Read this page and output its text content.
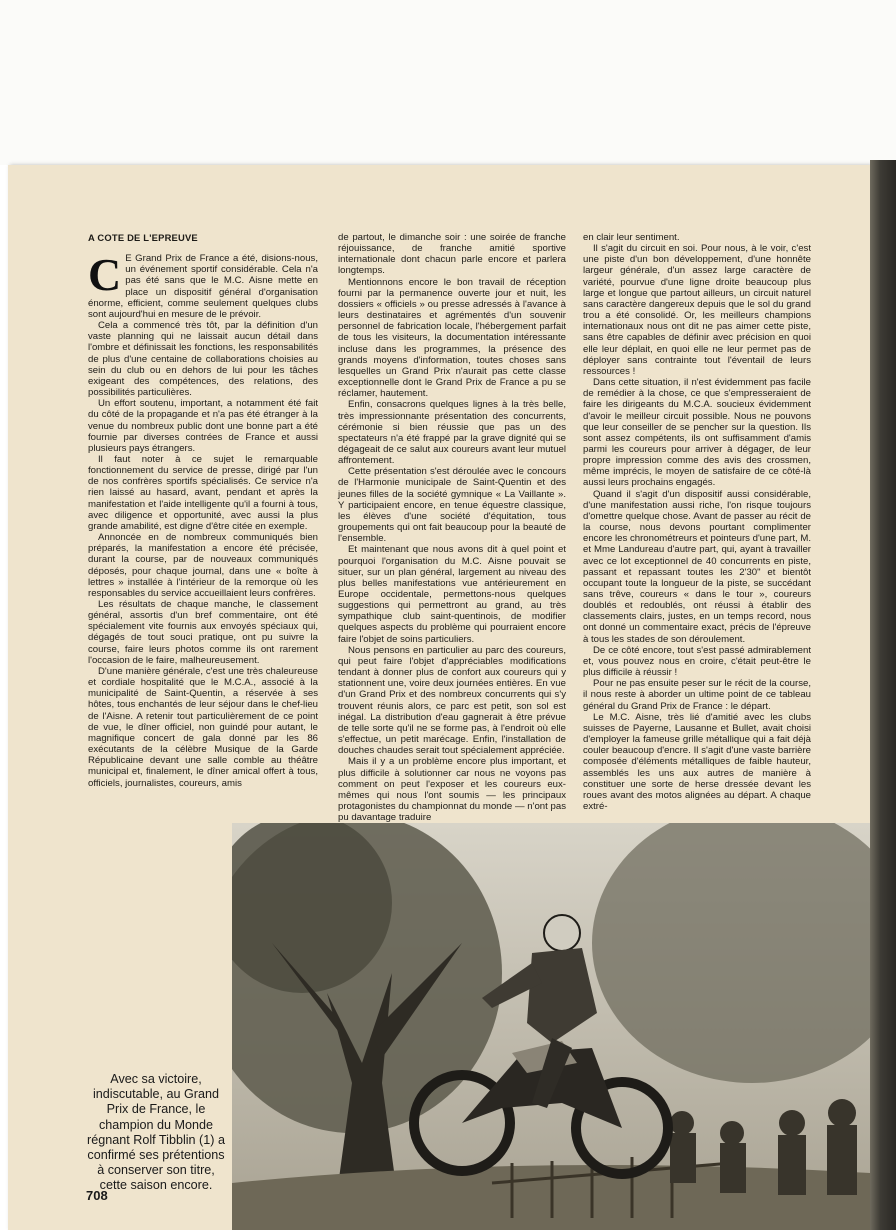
A COTE DE L'EPREUVE
C E Grand Prix de France a été, disions-nous, un événement sportif considérable. Cela n'a pas été sans que le M.C. Aisne mette en place un dispositif général d'organisation énorme, efficient, comme seulement quelques clubs sont aujourd'hui en mesure de le prévoir.

Cela a commencé très tôt, par la définition d'un vaste planning qui ne laissait aucun détail dans l'ombre et définissait les fonctions, les responsabilités de plus d'une centaine de collaborations choisies au sein du club ou en dehors de lui pour les tâches exigeant des compétences, des relations, des possibilités particulières.

Un effort soutenu, important, a notamment été fait du côté de la propagande et n'a pas été étranger à la venue du nombreux public dont une bonne part a été fournie par diverses contrées de France et aussi plusieurs pays étrangers.

Il faut noter à ce sujet le remarquable fonctionnement du service de presse, dirigé par l'un de nos confrères sportifs spécialisés. Ce service n'a rien laissé au hasard, avant, pendant et après la manifestation et l'aide intelligente qu'il a fourni à tous, avec diligence et opportunité, avec aussi la plus grande amabilité, est digne d'être citée en exemple.

Annoncée en de nombreux communiqués bien préparés, la manifestation a encore été précisée, durant la course, par de nouveaux communiqués déposés, pour chaque journal, dans une « boîte à lettres » installée à l'intérieur de la remorque où les responsables du service accueillaient leurs confrères.

Les résultats de chaque manche, le classement général, assortis d'un bref commentaire, ont été spécialement vite fournis aux envoyés spéciaux qui, dégagés de tout souci pratique, ont pu suivre la course, faire leurs photos comme ils ont rarement l'occasion de le faire, malheureusement.

D'une manière générale, c'est une très chaleureuse et cordiale hospitalité que le M.C.A., associé à la municipalité de Saint-Quentin, a réservée à ses hôtes, tous enchantés de leur séjour dans le chef-lieu de l'Aisne. A retenir tout particulièrement de ce point de vue, le dîner officiel, non guindé pour autant, le magnifique concert de gala donné par les 86 exécutants de la célèbre Musique de la Garde Républicaine devant une salle comble au théâtre municipal et, finalement, le dîner amical offert à tous, officiels, journalistes, coureurs, amis

de partout, le dimanche soir : une soirée de franche réjouissance, de franche amitié sportive internationale dont chacun parle encore et parlera longtemps.

Mentionnons encore le bon travail de réception fourni par la permanence ouverte jour et nuit, les dossiers « officiels » ou presse adressés à l'avance à leurs destinataires et agrémentés d'un souvenir personnel de fabrication locale, l'hébergement parfait de tous les visiteurs, la documentation intéressante incluse dans les programmes, la présence des grands moyens d'information, toutes choses sans lesquelles un Grand Prix n'aurait pas cette classe exceptionnelle dont le Grand Prix de France a pu se réclamer, hautement.

Enfin, consacrons quelques lignes à la très belle, très impressionnante présentation des concurrents, cérémonie si bien réussie que pas un des spectateurs n'a été frappé par la grave dignité qui se dégageait de ce salut aux coureurs avant leur mutuel affrontement.

Cette présentation s'est déroulée avec le concours de l'Harmonie municipale de Saint-Quentin et des jeunes filles de la société gymnique « La Vaillante ». Y participaient encore, en tenue équestre classique, les élèves d'une société d'équitation, tous groupements qui ont fait beaucoup pour la beauté de l'ensemble.

Et maintenant que nous avons dit à quel point et pourquoi l'organisation du M.C. Aisne pouvait se situer, sur un plan général, largement au niveau des plus belles manifestations vue antérieurement en Europe occidentale, permettons-nous quelques suggestions qui permettront au grand, au très sympathique club saint-quentinois, de modifier quelques aspects du problème qui pourraient encore faire l'objet de soins particuliers.

Nous pensons en particulier au parc des coureurs, qui peut faire l'objet d'appréciables modifications tendant à donner plus de confort aux coureurs qui y stationnent une, voire deux journées entières. En vue d'un Grand Prix et des nombreux concurrents qui s'y trouvent réunis alors, ce parc est petit, son sol est inégal. La distribution d'eau gagnerait à être prévue de telle sorte qu'il ne se forme pas, à l'endroit où elle s'effectue, un petit marécage. Enfin, l'installation de douches chaudes serait tout spécialement appréciée.

Mais il y a un problème encore plus important, et plus difficile à solutionner car nous ne voyons pas comment on peut l'exposer et les coureurs eux-mêmes qui nous l'ont soumis — les principaux protagonistes du championnat du monde — n'ont pas pu davantage traduire

en clair leur sentiment.

Il s'agit du circuit en soi. Pour nous, à le voir, c'est une piste d'un bon développement, d'une honnête largeur générale, d'un assez large caractère de variété, pourvue d'une ligne droite beaucoup plus large et longue que partout ailleurs, un circuit naturel sans caractère dangereux depuis que le sol du grand trou a été consolidé. Or, les meilleurs champions internationaux nous ont dit ne pas aimer cette piste, sans être capables de définir avec précision en quoi elle leur déplait, en quoi elle ne leur permet pas de déployer sans contrainte tout l'éventail de leurs ressources !

Dans cette situation, il n'est évidemment pas facile de remédier à la chose, ce que s'empresseraient de faire les dirigeants du M.C.A. soucieux évidemment d'avoir le meilleur circuit possible. Nous ne pouvons que leur conseiller de se pencher sur la question. Ils sont assez compétents, ils ont suffisamment d'amis parmi les coureurs pour arriver à dégager, de leur propre impression comme des avis des crossmen, même imprécis, le moyen de satisfaire de ce côté-là aussi leurs prochains engagés.

Quand il s'agit d'un dispositif aussi considérable, d'une manifestation aussi riche, l'on risque toujours d'omettre quelque chose. Avant de passer au récit de la course, nous devons pourtant complimenter encore les chronométreurs et pointeurs d'une part, M. et Mme Landureau d'autre part, qui, ayant à travailler avec ce lot exceptionnel de 40 concurrents en piste, passant et repassant toutes les 2'30" et bientôt occupant toute la longueur de la piste, se succédant sans trêve, coureurs « dans le tour », coureurs doublés et redoublés, ont réussi à établir des classements clairs, justes, en un temps record, nous ont donné un commentaire exact, précis de l'épreuve à tous les stades de son déroulement.

De ce côté encore, tout s'est passé admirablement et, vous pouvez nous en croire, c'était peut-être le plus difficile à réussir !

Pour ne pas ensuite peser sur le récit de la course, il nous reste à aborder un ultime point de ce tableau général du Grand Prix de France : le départ.

Le M.C. Aisne, très lié d'amitié avec les clubs suisses de Payerne, Lausanne et Bullet, avait choisi d'employer la fameuse grille métallique qui a fait déjà couler beaucoup d'encre. Il s'agit d'une vaste barrière composée d'éléments métalliques de faible hauteur, assemblés les uns aux autres de manière à constituer une sorte de herse dressée devant les roues avant des motos alignées au départ. A chaque extré-

Avec sa victoire, indiscutable, au Grand Prix de France, le champion du Monde régnant Rolf Tibblin (1) a confirmé ses prétentions à conserver son titre, cette saison encore.
708
